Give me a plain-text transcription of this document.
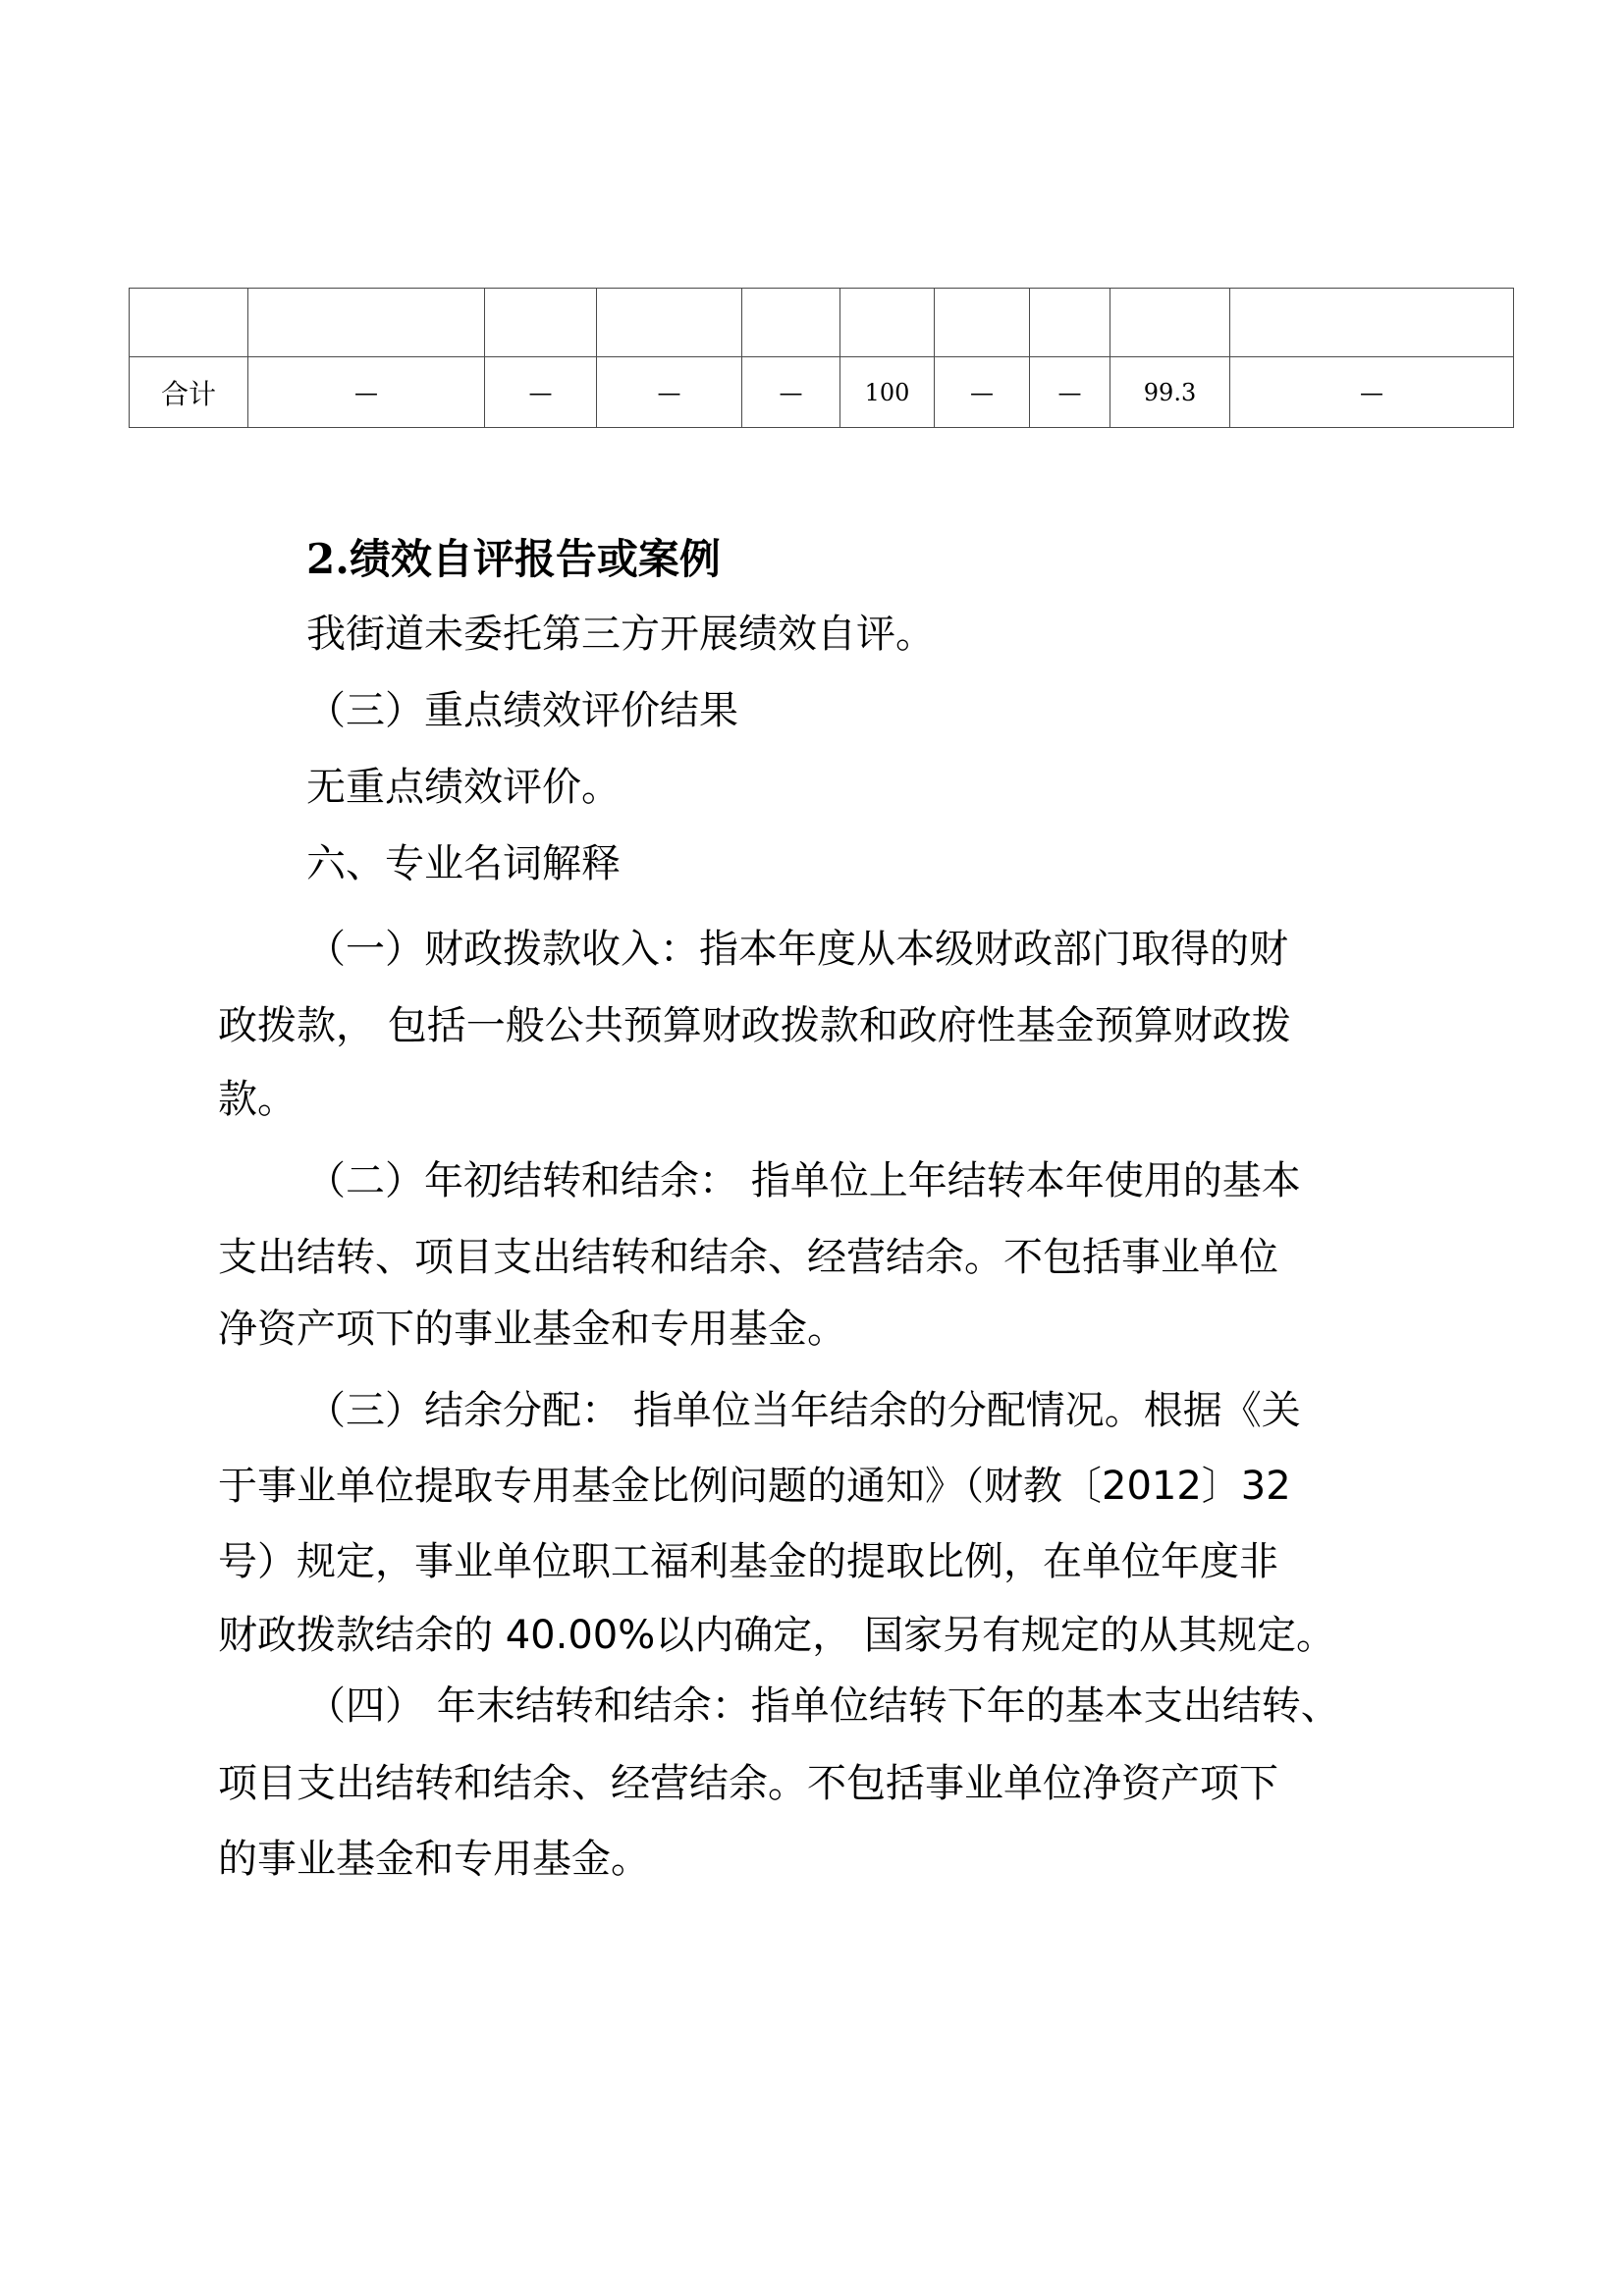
合计	—	—	—	—	100	—	—	99.3	—
2.绩效自评报告或案例
我街道未委托第三方开展绩效自评。
（三）重点绩效评价结果
无重点绩效评价。
六、专业名词解释
（一）财政拨款收入：指本年度从本级财政部门取得的财
政拨款， 包括一般公共预算财政拨款和政府性基金预算财政拨
款。
（二）年初结转和结余： 指单位上年结转本年使用的基本
支出结转、项目支出结转和结余、经营结余。不包括事业单位
净资产项下的事业基金和专用基金。
（三）结余分配： 指单位当年结余的分配情况。根据《关
于事业单位提取专用基金比例问题的通知》（财教〔2012〕32
号）规定，事业单位职工福利基金的提取比例，在单位年度非
财政拨款结余的 40.00%以内确定， 国家另有规定的从其规定。
（四） 年末结转和结余：指单位结转下年的基本支出结转、
项目支出结转和结余、经营结余。不包括事业单位净资产项下
的事业基金和专用基金。
